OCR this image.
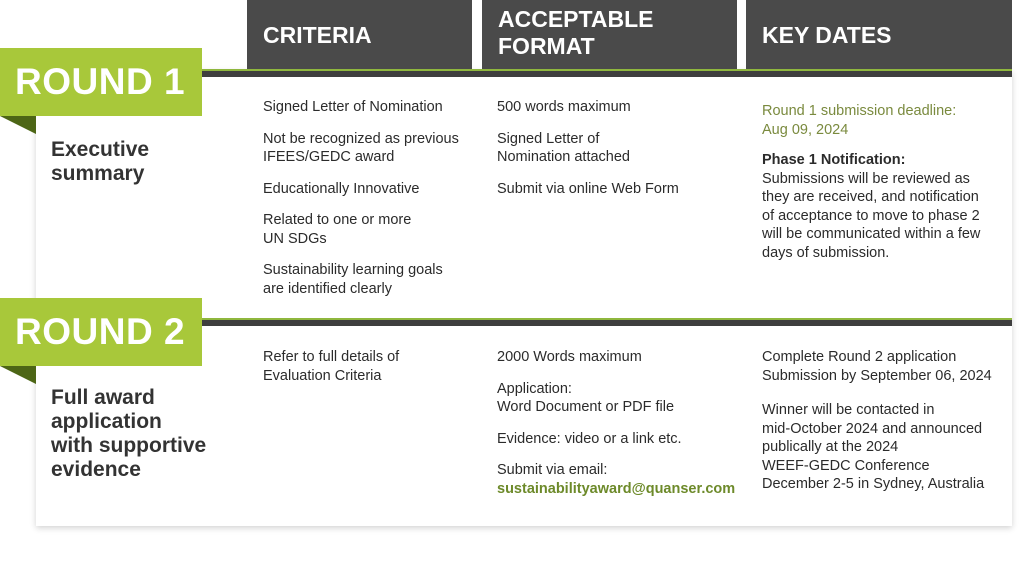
CRITERIA
ACCEPTABLE
FORMAT	KEY DATES
ROUND 1
Executive
summary

Signed Letter of Nomination

Not be recognized as previous
IFEES/GEDC award

Educationally Innovative

Related to one or more
UN SDGs

Sustainability learning goals
are identified clearly

500 words maximum

Signed Letter of
Nomination attached

Submit via online Web Form

Round 1 submission deadline:
Aug 09, 2024

Phase 1 Notification:
Submissions will be reviewed as
they are received, and notification
of acceptance to move to phase 2
will be communicated within a few
days of submission.
ROUND 2
Full award
application
with supportive
evidence

Refer to full details of
Evaluation Criteria

2000 Words maximum

Application:
Word Document or PDF file

Evidence: video or a link etc.

Submit via email:
sustainabilityaward@quanser.com

Complete Round 2 application
Submission by September 06, 2024

Winner will be contacted in
mid-October 2024 and announced
publically at the 2024
WEEF-GEDC Conference
December 2-5 in Sydney, Australia
